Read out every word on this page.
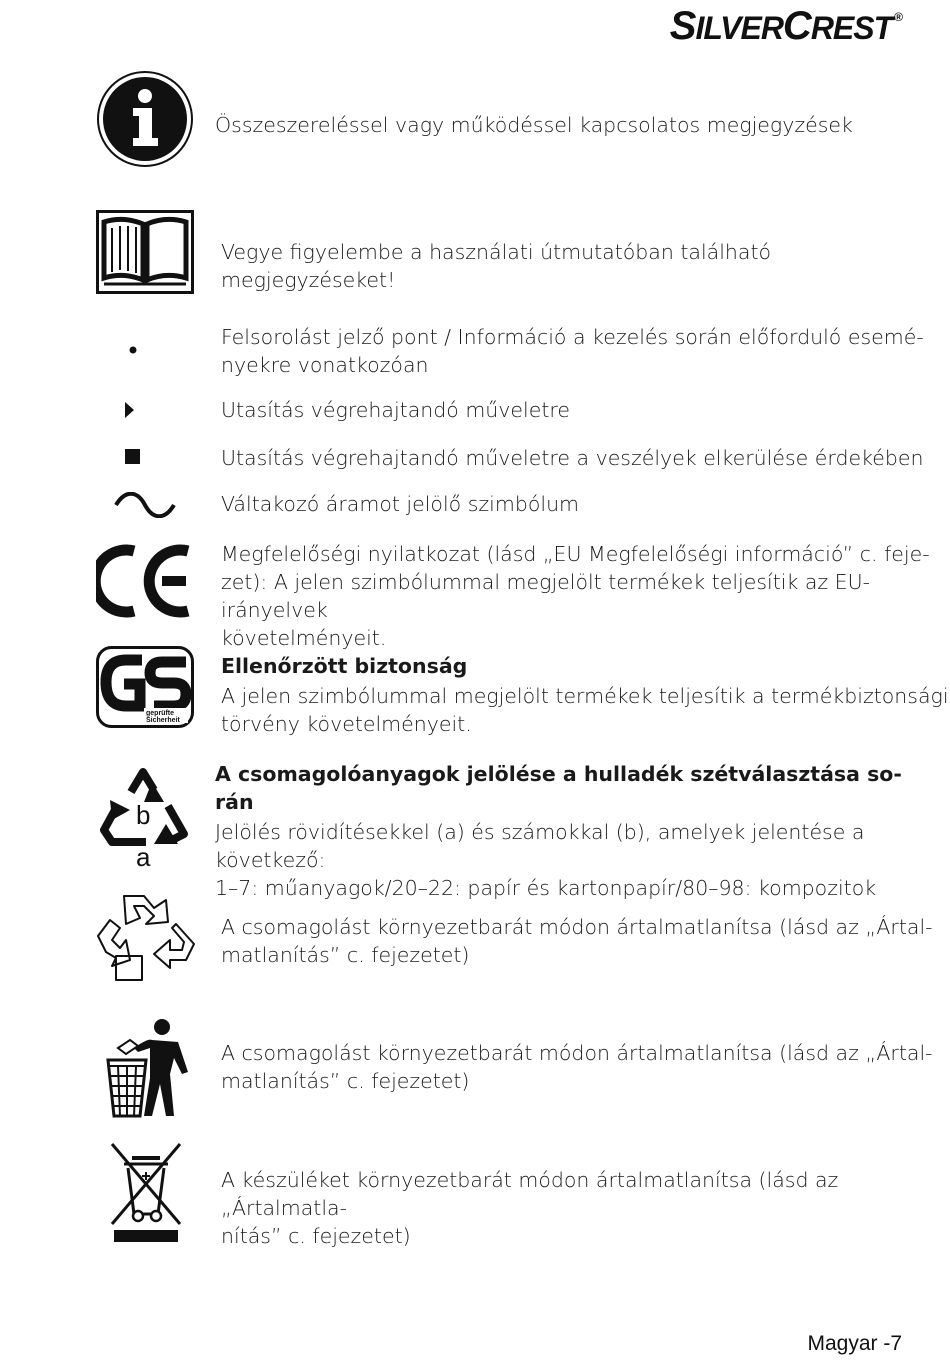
SILVERCREST ®
Összeszereléssel vagy működéssel kapcsolatos megjegyzések
Vegye figyelembe a használati útmutatóban található megjegyzéseket!
Felsorolást jelző pont / Információ a kezelés során előforduló esemé-
nyekre vonatkozóan
Utasítás végrehajtandó műveletre
Utasítás végrehajtandó műveletre a veszélyek elkerülése érdekében
Váltakozó áramot jelölő szimbólum
Megfelelőségi nyilatkozat (lásd „EU Megfelelőségi információ” c. feje-
zet): A jelen szimbólummal megjelölt termékek teljesítik az EU-irányelvek
követelményeit.
geprüfte
Sicherheit
Ellenőrzött biztonság
A jelen szimbólummal megjelölt termékek teljesítik a termékbiztonsági
törvény követelményeit.
b
a
A csomagolóanyagok jelölése a hulladék szétválasztása so-
rán
Jelölés rövidítésekkel (a) és számokkal (b), amelyek jelentése a következő:
1–7: műanyagok/20–22: papír és kartonpapír/80–98: kompozitok
A csomagolást környezetbarát módon ártalmatlanítsa (lásd az „Ártal-
matlanítás” c. fejezetet)
A csomagolást környezetbarát módon ártalmatlanítsa (lásd az „Ártal-
matlanítás” c. fejezetet)
A készüléket környezetbarát módon ártalmatlanítsa (lásd az „Ártalmatla-
nítás” c. fejezetet)
Magyar -7
